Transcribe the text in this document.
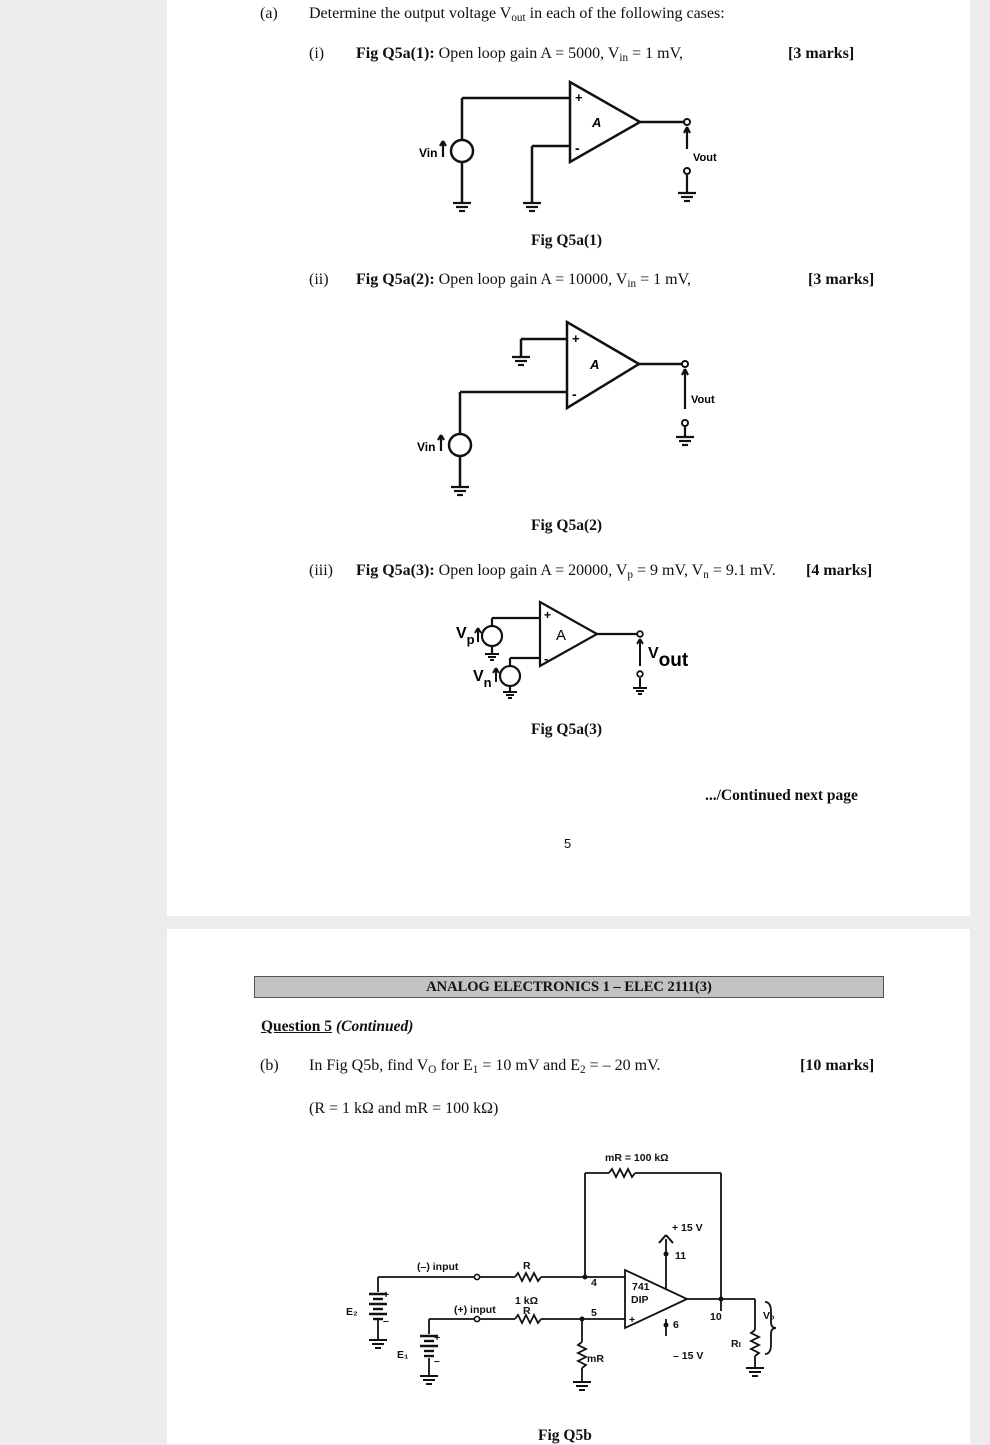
(a) Determine the output voltage $V_{out}$ in each of the following cases:
(i) Fig Q5a(1): Open loop gain A = 5000, $V_{in} = 1$ mV,	[3 marks]
+
-
A
Vin	Vout
Fig Q5a(1)
(ii) Fig Q5a(2): Open loop gain A = 10000, $V_{in} = 1$ mV,	[3 marks]
+
-
A
Vin
Vout
Fig Q5a(2)
(iii) Fig Q5a(3): Open loop gain A = 20000, $V_p = 9$ mV, $V_n = 9.1$ mV. [4 marks]
+
-
A
$V_p$
$V_n$
$^V$out
Fig Q5a(3)
.../Continued next page
5
ANALOG ELECTRONICS 1 – ELEC 2111(3)
Question 5 (Continued)
(b) In Fig Q5b, find $V_O$ for $E_1 = 10$ mV and $E_2$ = – 20 mV.	[10 marks]
(R = 1 kΩ and mR = 100 kΩ)
mR = 100 kΩ
+ 15 V
11
4
5
6
10
741
DIP
+
– 15 V
(–) input
(+) input
R
1 kΩ
R
mR
E₂
E₁
+
–
+
–
Rₗ
Vₒ
Fig Q5b
